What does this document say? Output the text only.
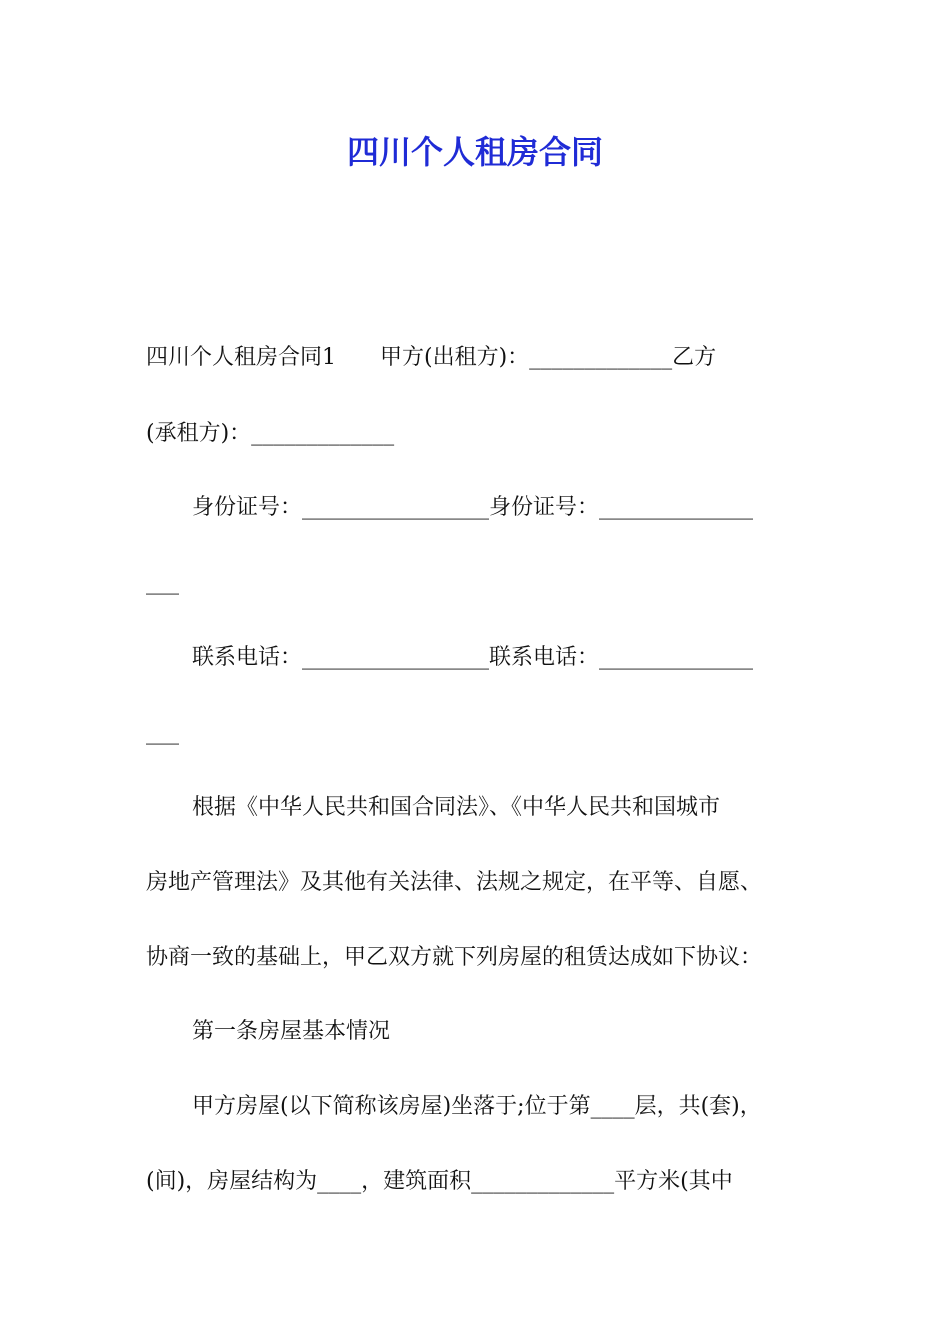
四川个人租房合同

四川个人租房合同1　　甲方(出租方)：_____________乙方

(承租方)：_____________

身份证号：_________________身份证号：______________

___

联系电话：_________________联系电话：______________

___

根据《中华人民共和国合同法》、《中华人民共和国城市

房地产管理法》及其他有关法律、法规之规定，在平等、自愿、

协商一致的基础上，甲乙双方就下列房屋的租赁达成如下协议：

第一条房屋基本情况

甲方房屋(以下简称该房屋)坐落于;位于第____层，共(套)，

(间)，房屋结构为____，建筑面积_____________平方米(其中
